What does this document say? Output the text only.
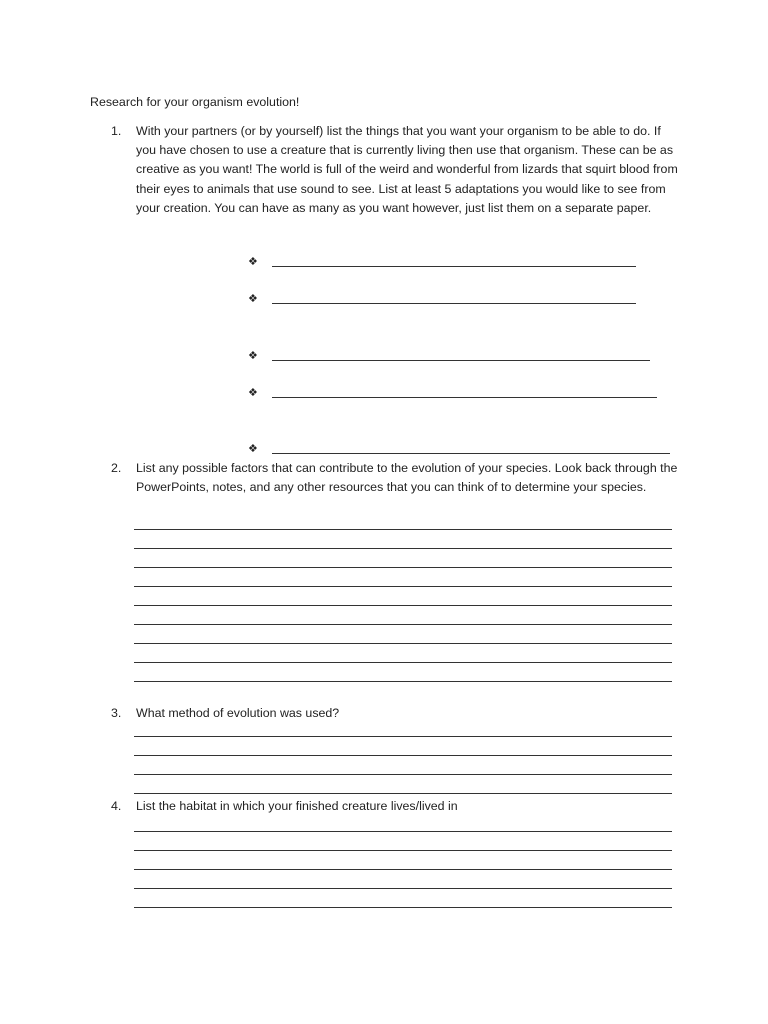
Research for your organism evolution!
1. With your partners (or by yourself) list the things that you want your organism to be able to do. If you have chosen to use a creature that is currently living then use that organism. These can be as creative as you want! The world is full of the weird and wonderful from lizards that squirt blood from their eyes to animals that use sound to see. List at least 5 adaptations you would like to see from your creation. You can have as many as you want however, just list them on a separate paper.
❖
❖
❖
❖
❖
2. List any possible factors that can contribute to the evolution of your species. Look back through the PowerPoints, notes, and any other resources that you can think of to determine your species.
3. What method of evolution was used?
4. List the habitat in which your finished creature lives/lived in
